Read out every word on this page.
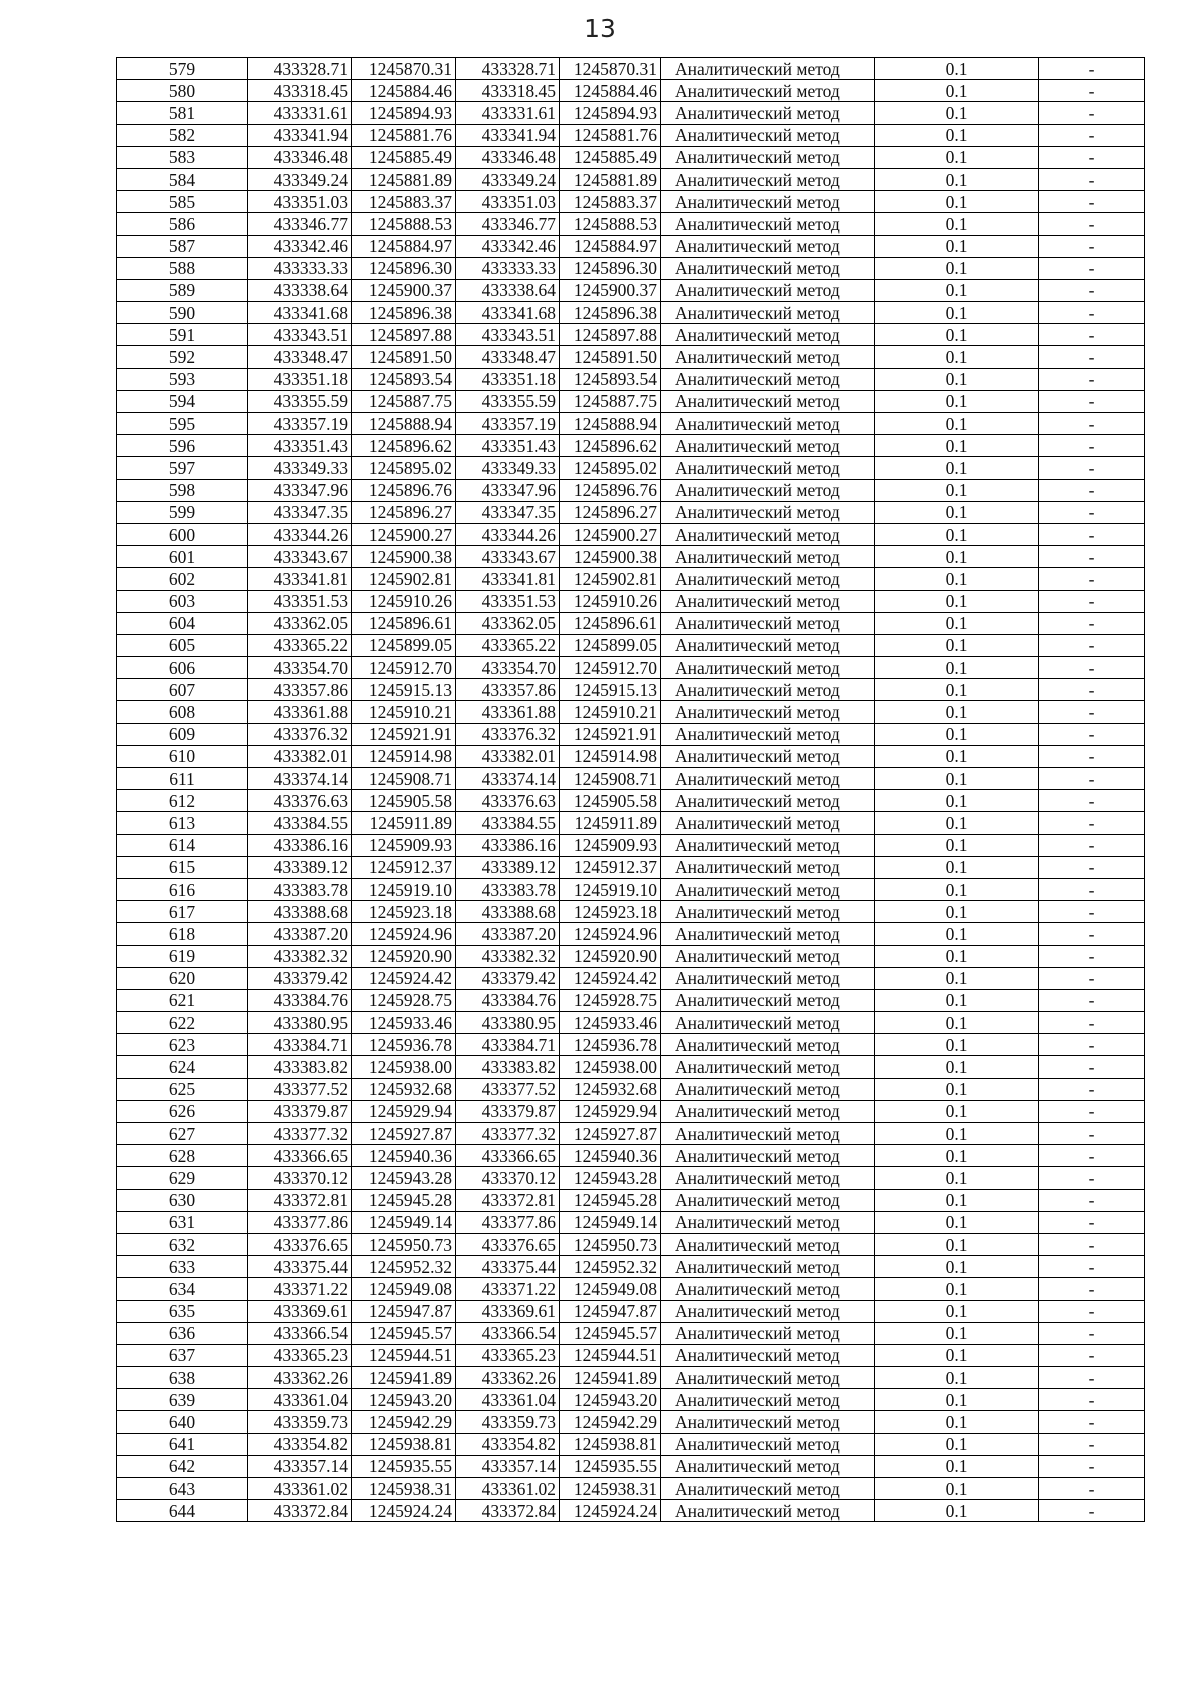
13
579	433328.71	1245870.31	433328.71	1245870.31	Аналитический метод	0.1	-
580	433318.45	1245884.46	433318.45	1245884.46	Аналитический метод	0.1	-
581	433331.61	1245894.93	433331.61	1245894.93	Аналитический метод	0.1	-
582	433341.94	1245881.76	433341.94	1245881.76	Аналитический метод	0.1	-
583	433346.48	1245885.49	433346.48	1245885.49	Аналитический метод	0.1	-
584	433349.24	1245881.89	433349.24	1245881.89	Аналитический метод	0.1	-
585	433351.03	1245883.37	433351.03	1245883.37	Аналитический метод	0.1	-
586	433346.77	1245888.53	433346.77	1245888.53	Аналитический метод	0.1	-
587	433342.46	1245884.97	433342.46	1245884.97	Аналитический метод	0.1	-
588	433333.33	1245896.30	433333.33	1245896.30	Аналитический метод	0.1	-
589	433338.64	1245900.37	433338.64	1245900.37	Аналитический метод	0.1	-
590	433341.68	1245896.38	433341.68	1245896.38	Аналитический метод	0.1	-
591	433343.51	1245897.88	433343.51	1245897.88	Аналитический метод	0.1	-
592	433348.47	1245891.50	433348.47	1245891.50	Аналитический метод	0.1	-
593	433351.18	1245893.54	433351.18	1245893.54	Аналитический метод	0.1	-
594	433355.59	1245887.75	433355.59	1245887.75	Аналитический метод	0.1	-
595	433357.19	1245888.94	433357.19	1245888.94	Аналитический метод	0.1	-
596	433351.43	1245896.62	433351.43	1245896.62	Аналитический метод	0.1	-
597	433349.33	1245895.02	433349.33	1245895.02	Аналитический метод	0.1	-
598	433347.96	1245896.76	433347.96	1245896.76	Аналитический метод	0.1	-
599	433347.35	1245896.27	433347.35	1245896.27	Аналитический метод	0.1	-
600	433344.26	1245900.27	433344.26	1245900.27	Аналитический метод	0.1	-
601	433343.67	1245900.38	433343.67	1245900.38	Аналитический метод	0.1	-
602	433341.81	1245902.81	433341.81	1245902.81	Аналитический метод	0.1	-
603	433351.53	1245910.26	433351.53	1245910.26	Аналитический метод	0.1	-
604	433362.05	1245896.61	433362.05	1245896.61	Аналитический метод	0.1	-
605	433365.22	1245899.05	433365.22	1245899.05	Аналитический метод	0.1	-
606	433354.70	1245912.70	433354.70	1245912.70	Аналитический метод	0.1	-
607	433357.86	1245915.13	433357.86	1245915.13	Аналитический метод	0.1	-
608	433361.88	1245910.21	433361.88	1245910.21	Аналитический метод	0.1	-
609	433376.32	1245921.91	433376.32	1245921.91	Аналитический метод	0.1	-
610	433382.01	1245914.98	433382.01	1245914.98	Аналитический метод	0.1	-
611	433374.14	1245908.71	433374.14	1245908.71	Аналитический метод	0.1	-
612	433376.63	1245905.58	433376.63	1245905.58	Аналитический метод	0.1	-
613	433384.55	1245911.89	433384.55	1245911.89	Аналитический метод	0.1	-
614	433386.16	1245909.93	433386.16	1245909.93	Аналитический метод	0.1	-
615	433389.12	1245912.37	433389.12	1245912.37	Аналитический метод	0.1	-
616	433383.78	1245919.10	433383.78	1245919.10	Аналитический метод	0.1	-
617	433388.68	1245923.18	433388.68	1245923.18	Аналитический метод	0.1	-
618	433387.20	1245924.96	433387.20	1245924.96	Аналитический метод	0.1	-
619	433382.32	1245920.90	433382.32	1245920.90	Аналитический метод	0.1	-
620	433379.42	1245924.42	433379.42	1245924.42	Аналитический метод	0.1	-
621	433384.76	1245928.75	433384.76	1245928.75	Аналитический метод	0.1	-
622	433380.95	1245933.46	433380.95	1245933.46	Аналитический метод	0.1	-
623	433384.71	1245936.78	433384.71	1245936.78	Аналитический метод	0.1	-
624	433383.82	1245938.00	433383.82	1245938.00	Аналитический метод	0.1	-
625	433377.52	1245932.68	433377.52	1245932.68	Аналитический метод	0.1	-
626	433379.87	1245929.94	433379.87	1245929.94	Аналитический метод	0.1	-
627	433377.32	1245927.87	433377.32	1245927.87	Аналитический метод	0.1	-
628	433366.65	1245940.36	433366.65	1245940.36	Аналитический метод	0.1	-
629	433370.12	1245943.28	433370.12	1245943.28	Аналитический метод	0.1	-
630	433372.81	1245945.28	433372.81	1245945.28	Аналитический метод	0.1	-
631	433377.86	1245949.14	433377.86	1245949.14	Аналитический метод	0.1	-
632	433376.65	1245950.73	433376.65	1245950.73	Аналитический метод	0.1	-
633	433375.44	1245952.32	433375.44	1245952.32	Аналитический метод	0.1	-
634	433371.22	1245949.08	433371.22	1245949.08	Аналитический метод	0.1	-
635	433369.61	1245947.87	433369.61	1245947.87	Аналитический метод	0.1	-
636	433366.54	1245945.57	433366.54	1245945.57	Аналитический метод	0.1	-
637	433365.23	1245944.51	433365.23	1245944.51	Аналитический метод	0.1	-
638	433362.26	1245941.89	433362.26	1245941.89	Аналитический метод	0.1	-
639	433361.04	1245943.20	433361.04	1245943.20	Аналитический метод	0.1	-
640	433359.73	1245942.29	433359.73	1245942.29	Аналитический метод	0.1	-
641	433354.82	1245938.81	433354.82	1245938.81	Аналитический метод	0.1	-
642	433357.14	1245935.55	433357.14	1245935.55	Аналитический метод	0.1	-
643	433361.02	1245938.31	433361.02	1245938.31	Аналитический метод	0.1	-
644	433372.84	1245924.24	433372.84	1245924.24	Аналитический метод	0.1	-
